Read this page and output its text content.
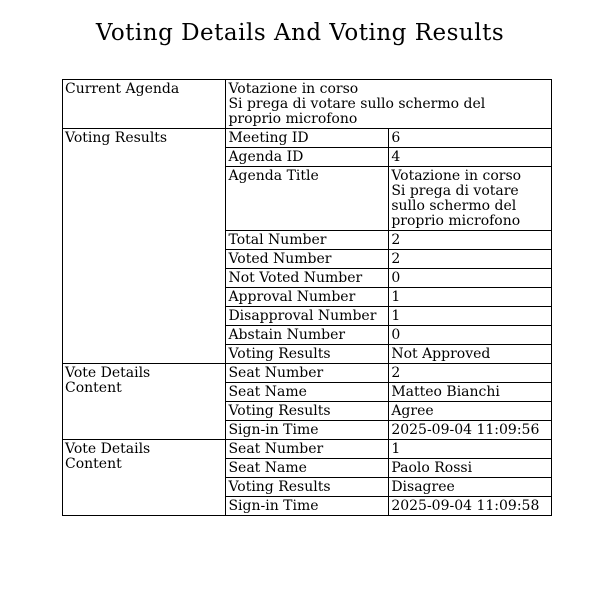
Voting Details And Voting Results
Current Agenda	Votazione in corso
Si prega di votare sullo schermo del
proprio microfono	
Voting Results	Meeting ID	6
	Agenda ID	4
	Agenda Title	Votazione in corso
Si prega di votare
sullo schermo del
proprio microfono
	Total Number	2
	Voted Number	2
	Not Voted Number	0
	Approval Number	1
	Disapproval Number	1
	Abstain Number	0
	Voting Results	Not Approved
Vote Details
Content	Seat Number	2
	Seat Name	Matteo Bianchi
	Voting Results	Agree
	Sign-in Time	2025-09-04 11:09:56
Vote Details
Content	Seat Number	1
	Seat Name	Paolo Rossi
	Voting Results	Disagree
	Sign-in Time	2025-09-04 11:09:58
